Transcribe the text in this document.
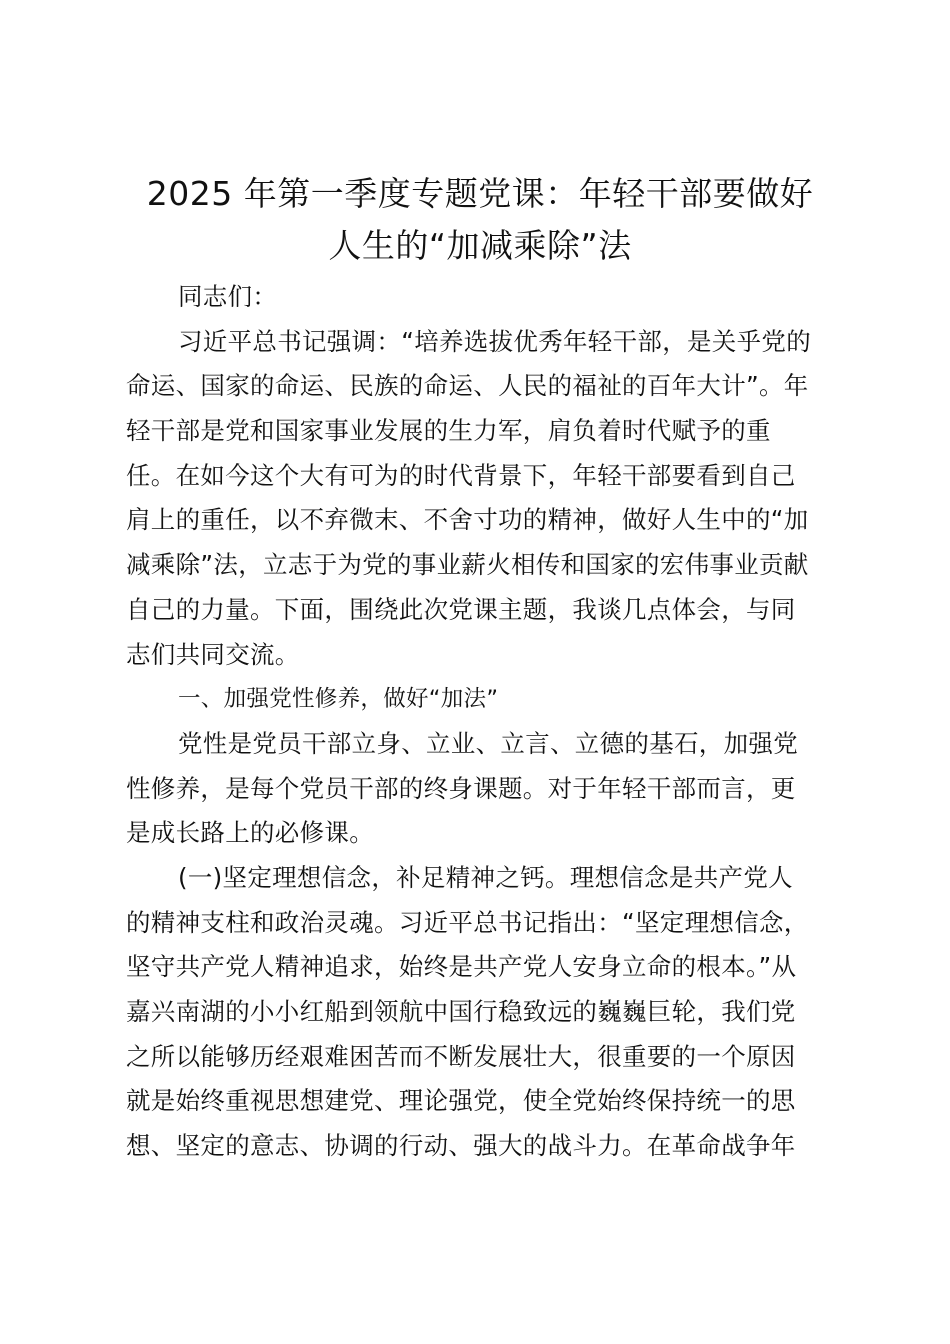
2025 年第一季度专题党课：年轻干部要做好
人生的“加减乘除”法
同志们：
习近平总书记强调：“培养选拔优秀年轻干部，是关乎党的
命运、国家的命运、民族的命运、人民的福祉的百年大计”。年
轻干部是党和国家事业发展的生力军，肩负着时代赋予的重
任。在如今这个大有可为的时代背景下，年轻干部要看到自己
肩上的重任，以不弃微末、不舍寸功的精神，做好人生中的“加
减乘除”法，立志于为党的事业薪火相传和国家的宏伟事业贡献
自己的力量。下面，围绕此次党课主题，我谈几点体会，与同
志们共同交流。
一、加强党性修养，做好“加法”
党性是党员干部立身、立业、立言、立德的基石，加强党
性修养，是每个党员干部的终身课题。对于年轻干部而言，更
是成长路上的必修课。
(一)坚定理想信念，补足精神之钙。理想信念是共产党人
的精神支柱和政治灵魂。习近平总书记指出：“坚定理想信念，
坚守共产党人精神追求，始终是共产党人安身立命的根本。”从
嘉兴南湖的小小红船到领航中国行稳致远的巍巍巨轮，我们党
之所以能够历经艰难困苦而不断发展壮大，很重要的一个原因
就是始终重视思想建党、理论强党，使全党始终保持统一的思
想、坚定的意志、协调的行动、强大的战斗力。在革命战争年
